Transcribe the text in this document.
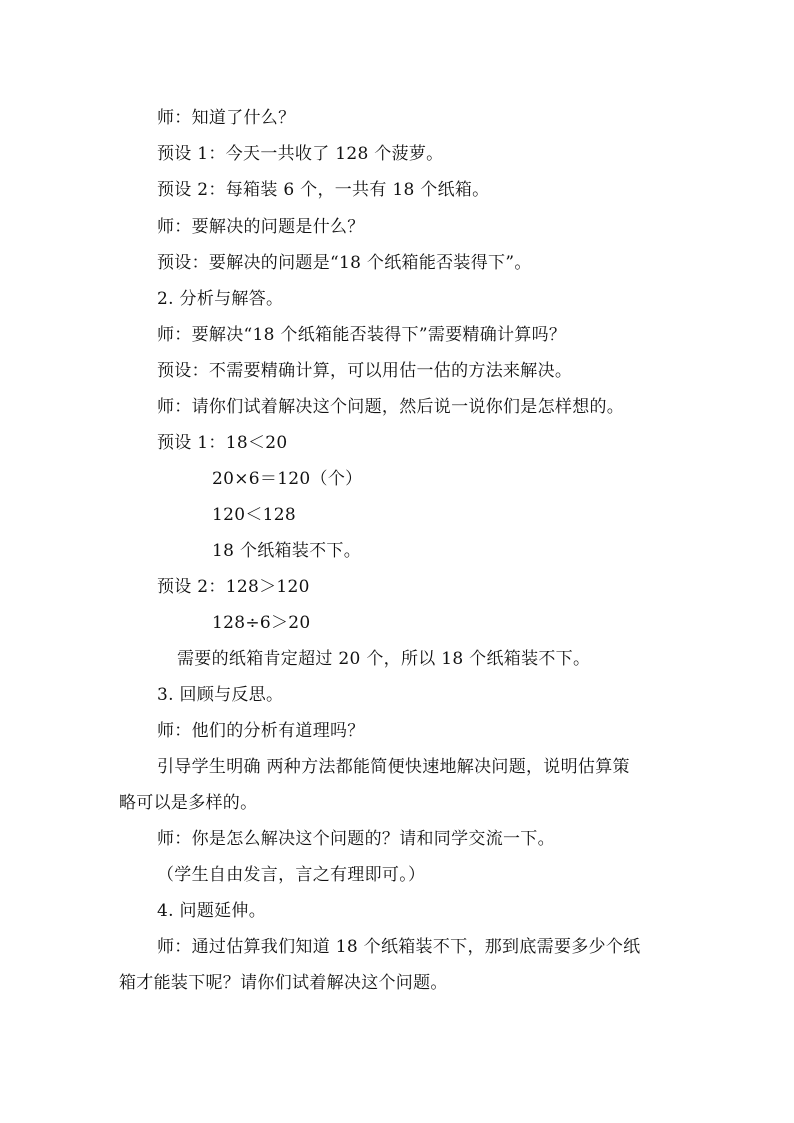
师：知道了什么？
预设 1：今天一共收了 128 个菠萝。
预设 2：每箱装 6 个，一共有 18 个纸箱。
师：要解决的问题是什么？
预设：要解决的问题是“18 个纸箱能否装得下”。
2. 分析与解答。
师：要解决“18 个纸箱能否装得下”需要精确计算吗？
预设：不需要精确计算，可以用估一估的方法来解决。
师：请你们试着解决这个问题，然后说一说你们是怎样想的。
预设 1：18＜20
20×6＝120（个）
120＜128
18 个纸箱装不下。
预设 2：128＞120
128÷6＞20
需要的纸箱肯定超过 20 个，所以 18 个纸箱装不下。
3. 回顾与反思。
师：他们的分析有道理吗？
引导学生明确 两种方法都能简便快速地解决问题，说明估算策
略可以是多样的。
师：你是怎么解决这个问题的？请和同学交流一下。
（学生自由发言，言之有理即可。）
4. 问题延伸。
师：通过估算我们知道 18 个纸箱装不下，那到底需要多少个纸
箱才能装下呢？请你们试着解决这个问题。
